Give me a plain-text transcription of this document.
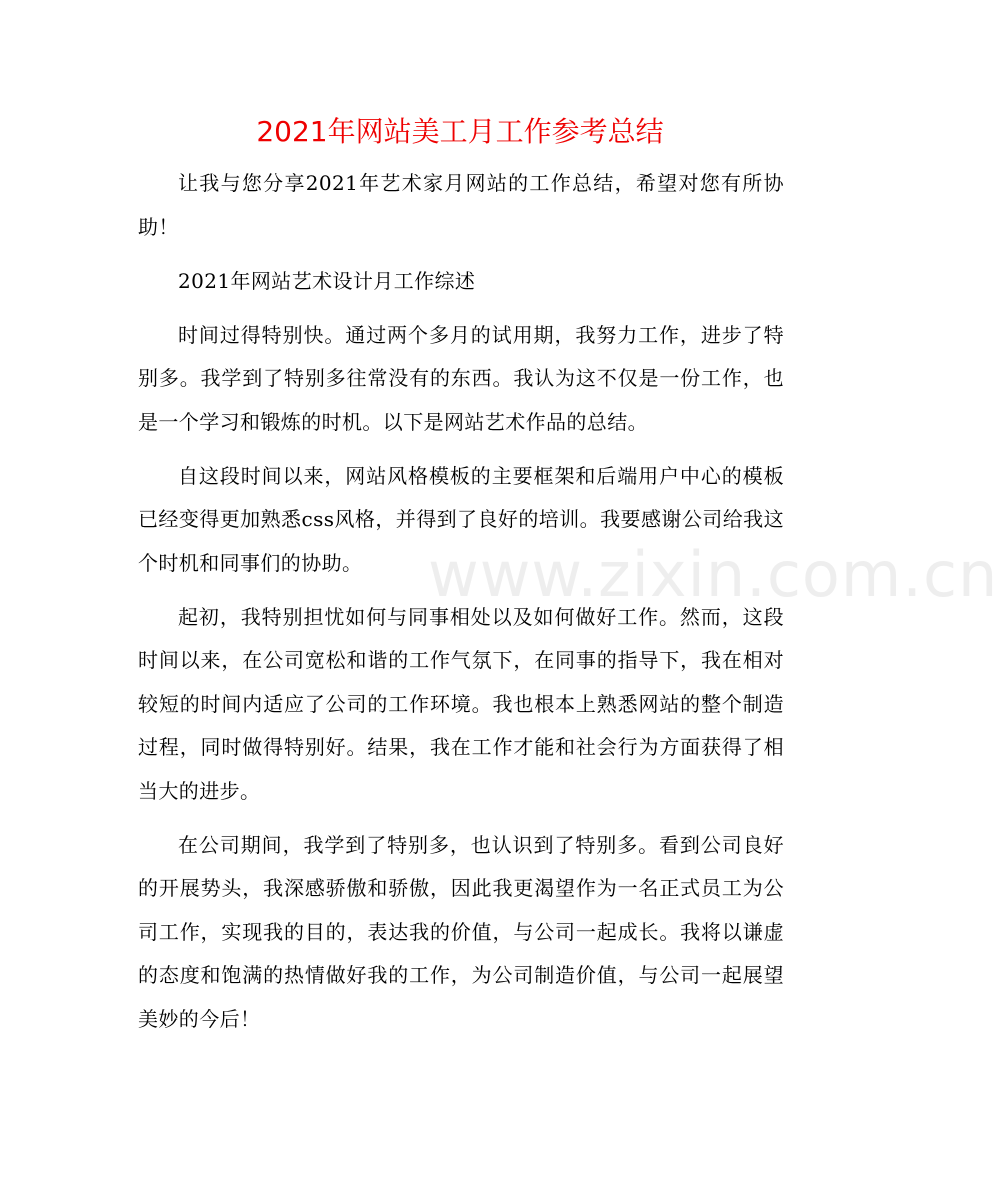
2021年网站美工月工作参考总结

让我与您分享2021年艺术家月网站的工作总结，希望对您有所协助！

2021年网站艺术设计月工作综述

时间过得特别快。通过两个多月的试用期，我努力工作，进步了特别多。我学到了特别多往常没有的东西。我认为这不仅是一份工作，也是一个学习和锻炼的时机。以下是网站艺术作品的总结。

自这段时间以来，网站风格模板的主要框架和后端用户中心的模板已经变得更加熟悉css风格，并得到了良好的培训。我要感谢公司给我这个时机和同事们的协助。

起初，我特别担忧如何与同事相处以及如何做好工作。然而，这段时间以来，在公司宽松和谐的工作气氛下，在同事的指导下，我在相对较短的时间内适应了公司的工作环境。我也根本上熟悉网站的整个制造过程，同时做得特别好。结果，我在工作才能和社会行为方面获得了相当大的进步。

在公司期间，我学到了特别多，也认识到了特别多。看到公司良好的开展势头，我深感骄傲和骄傲，因此我更渴望作为一名正式员工为公司工作，实现我的目的，表达我的价值，与公司一起成长。我将以谦虚的态度和饱满的热情做好我的工作，为公司制造价值，与公司一起展望美妙的今后！

www.zixin.com.cn
